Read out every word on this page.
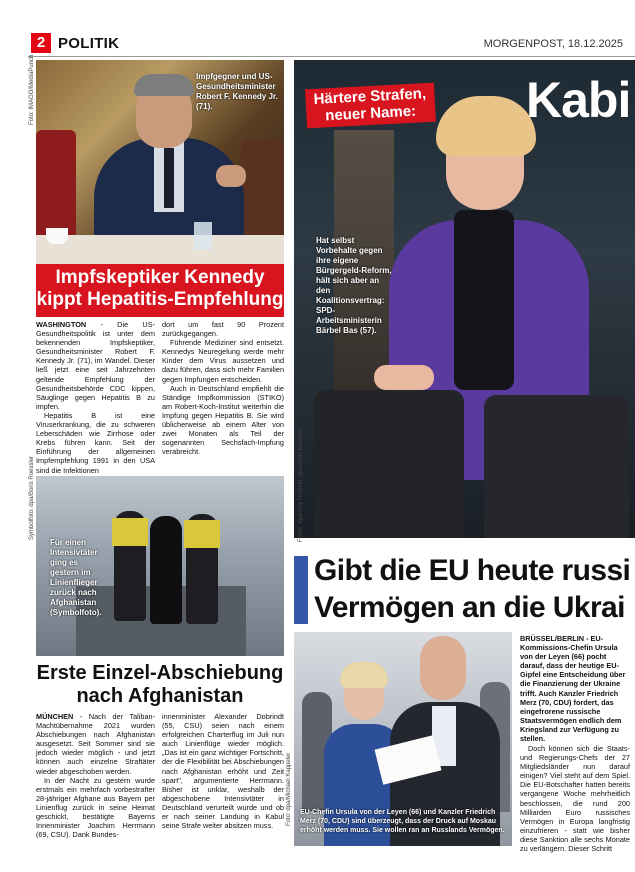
2 POLITIK	MORGENPOST, 18.12.2025
Impfgegner und US-Gesundheitsminister Robert F. Kennedy Jr. (71).
Foto: IMAGO/MediaPunch
Impfskeptiker Kennedy
kippt Hepatitis-Empfehlung

WASHINGTON - Die US-Gesundheitspolitik ist unter dem bekennenden Impfskeptiker, Gesundheitsminister Robert F. Kennedy Jr. (71), im Wandel. Dieser ließ jetzt eine seit Jahrzehnten geltende Empfehlung der Gesundheitsbehörde CDC kippen, Säuglinge gegen Hepatitis B zu impfen.

Hepatitis B ist eine Viruserkrankung, die zu schweren Leberschäden wie Zirrhose oder Krebs führen kann. Seit der Einführung der allgemeinen Impfempfehlung 1991 in den USA sind die Infektionen

dort um fast 90 Prozent zurückgegangen.

Führende Mediziner sind entsetzt. Kennedys Neuregelung werde mehr Kinder dem Virus aussetzen und dazu führen, dass sich mehr Familien gegen Impfungen entscheiden.

Auch in Deutschland empfiehlt die Ständige Impfkommission (STIKO) am Robert-Koch-Institut weiterhin die Impfung gegen Hepatitis B. Sie wird üblicherweise ab einem Alter von zwei Monaten als Teil der sogenannten Sechsfach-Impfung verabreicht.

Härtere Strafen,
neuer Name: Kabi
Hat selbst Vorbehalte gegen ihre eigene Bürgergeld-Reform, hält sich aber an den Koalitionsvertrag: SPD-Arbeitsministerin Bärbel Bas (57).
Fotos: dpa/Kay Nietfeld, dpa/Jens Kalaene
Für einen Intensivtäter ging es gestern im Linienflieger zurück nach Afghanistan (Symbolfoto).
Symbolfoto: dpa/Boris Roessler
Erste Einzel-Abschiebung
nach Afghanistan

MÜNCHEN - Nach der Taliban-Machtübernahme 2021 wurden Abschiebungen nach Afghanistan ausgesetzt. Seit Sommer sind sie jedoch wieder möglich - und jetzt können auch einzelne Straftäter wieder abgeschoben werden.

In der Nacht zu gestern wurde erstmals ein mehrfach vorbestrafter 28-jähriger Afghane aus Bayern per Linienflug zurück in seine Heimat geschickt, bestätigte Bayerns Innenminister Joachim Herrmann (69, CSU). Dank Bundes-

innenminister Alexander Dobrindt (55, CSU) seien nach einem erfolgreichen Charterflug im Juli nun auch Linienflüge wieder möglich. „Das ist ein ganz wichtiger Fortschritt, der die Flexibilität bei Abschiebungen nach Afghanistan erhöht und Zeit spart", argumentierte Herrmann. Bisher ist unklar, weshalb der abgeschobene Intensivtäter in Deutschland verurteilt wurde und ob er nach seiner Landung in Kabul seine Strafe weiter absitzen muss.

Gibt die EU heute russi
Vermögen an die Ukrai
EU-Chefin Ursula von der Leyen (66) und Kanzler Friedrich Merz (70, CDU) sind überzeugt, dass der Druck auf Moskau erhöht werden muss. Sie wollen ran an Russlands Vermögen.
Foto: dpa/Michael Kappeler

BRÜSSEL/BERLIN - EU-Kommissions-Chefin Ursula von der Leyen (66) pocht darauf, dass der heutige EU-Gipfel eine Entscheidung über die Finanzierung der Ukraine trifft. Auch Kanzler Friedrich Merz (70, CDU) fordert, das eingefrorene russische Staatsvermögen endlich dem Kriegsland zur Verfügung zu stellen.

Doch können sich die Staats- und Regierungs-Chefs der 27 Mitgliedsländer nun darauf einigen? Viel steht auf dem Spiel. Die EU-Botschafter hatten bereits vergangene Woche mehrheitlich beschlossen, die rund 200 Milliarden Euro russisches Vermögen in Europa langfristig einzufrieren - statt wie bisher diese Sanktion alle sechs Monate zu verlängern. Dieser Schritt
